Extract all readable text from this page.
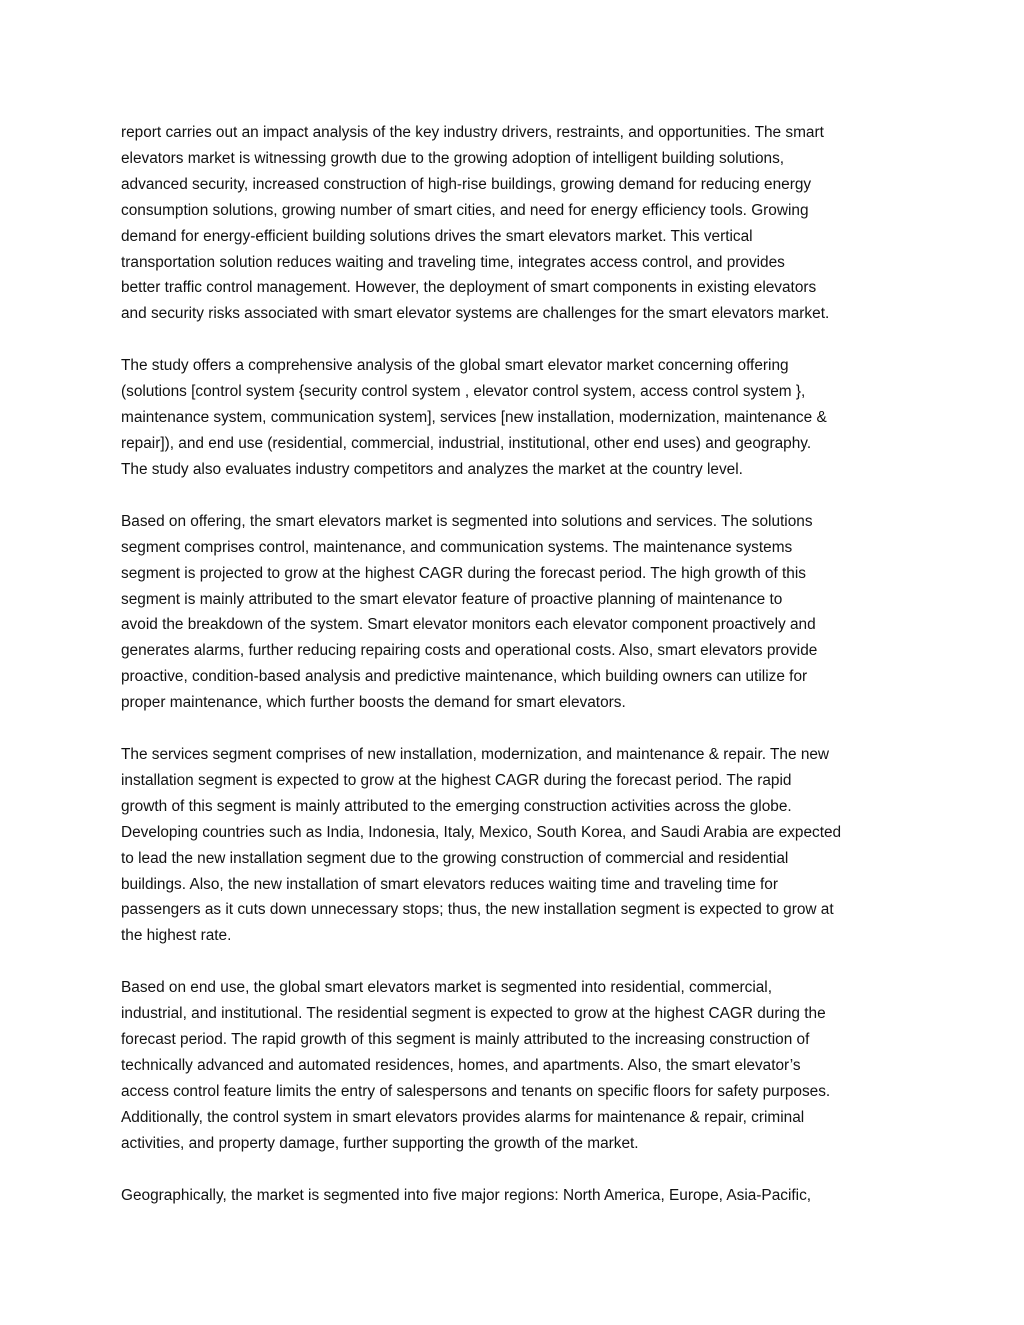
report carries out an impact analysis of the key industry drivers, restraints, and opportunities. The smart
elevators market is witnessing growth due to the growing adoption of intelligent building solutions,
advanced security, increased construction of high-rise buildings, growing demand for reducing energy
consumption solutions, growing number of smart cities, and need for energy efficiency tools. Growing
demand for energy-efficient building solutions drives the smart elevators market. This vertical
transportation solution reduces waiting and traveling time, integrates access control, and provides
better traffic control management. However, the deployment of smart components in existing elevators
and security risks associated with smart elevator systems are challenges for the smart elevators market.

The study offers a comprehensive analysis of the global smart elevator market concerning offering
(solutions [control system {security control system , elevator control system, access control system },
maintenance system, communication system], services [new installation, modernization, maintenance &
repair]), and end use (residential, commercial, industrial, institutional, other end uses) and geography.
The study also evaluates industry competitors and analyzes the market at the country level.

Based on offering, the smart elevators market is segmented into solutions and services. The solutions
segment comprises control, maintenance, and communication systems. The maintenance systems
segment is projected to grow at the highest CAGR during the forecast period. The high growth of this
segment is mainly attributed to the smart elevator feature of proactive planning of maintenance to
avoid the breakdown of the system. Smart elevator monitors each elevator component proactively and
generates alarms, further reducing repairing costs and operational costs. Also, smart elevators provide
proactive, condition-based analysis and predictive maintenance, which building owners can utilize for
proper maintenance, which further boosts the demand for smart elevators.

The services segment comprises of new installation, modernization, and maintenance & repair. The new
installation segment is expected to grow at the highest CAGR during the forecast period. The rapid
growth of this segment is mainly attributed to the emerging construction activities across the globe.
Developing countries such as India, Indonesia, Italy, Mexico, South Korea, and Saudi Arabia are expected
to lead the new installation segment due to the growing construction of commercial and residential
buildings. Also, the new installation of smart elevators reduces waiting time and traveling time for
passengers as it cuts down unnecessary stops; thus, the new installation segment is expected to grow at
the highest rate.

Based on end use, the global smart elevators market is segmented into residential, commercial,
industrial, and institutional. The residential segment is expected to grow at the highest CAGR during the
forecast period. The rapid growth of this segment is mainly attributed to the increasing construction of
technically advanced and automated residences, homes, and apartments. Also, the smart elevator’s
access control feature limits the entry of salespersons and tenants on specific floors for safety purposes.
Additionally, the control system in smart elevators provides alarms for maintenance & repair, criminal
activities, and property damage, further supporting the growth of the market.

Geographically, the market is segmented into five major regions: North America, Europe, Asia-Pacific,
